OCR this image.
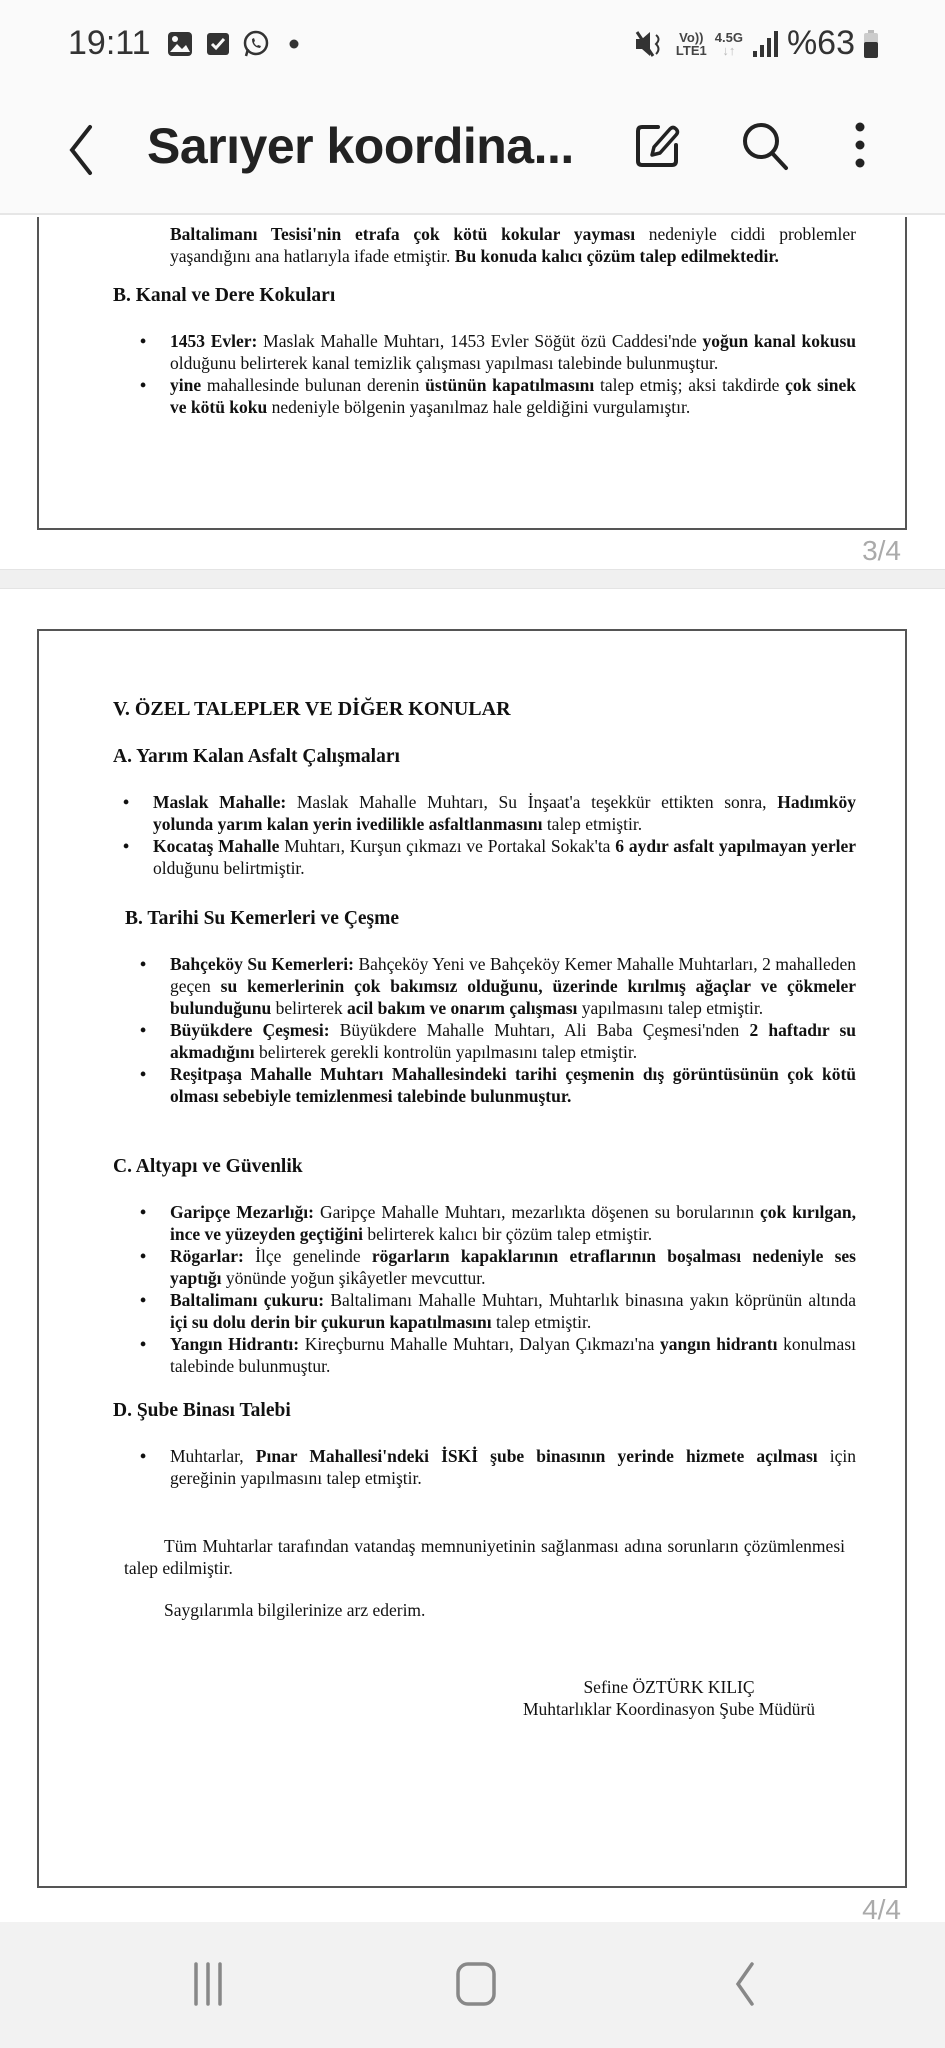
19:11	Vo))
LTE1
4.5G
↓↑ %63
Sarıyer koordina...

Baltalimanı Tesisi'nin etrafa çok kötü kokular yayması nedeniyle ciddi problemler yaşandığını ana hatlarıyla ifade etmiştir. Bu konuda kalıcı çözüm talep edilmektedir.

B. Kanal ve Dere Kokuları
• 1453 Evler: Maslak Mahalle Muhtarı, 1453 Evler Söğüt özü Caddesi'nde yoğun kanal kokusu olduğunu belirterek kanal temizlik çalışması yapılması talebinde bulunmuştur.
• yine mahallesinde bulunan derenin üstünün kapatılmasını talep etmiş; aksi takdirde çok sinek ve kötü koku nedeniyle bölgenin yaşanılmaz hale geldiğini vurgulamıştır.
3/4
V. ÖZEL TALEPLER VE DİĞER KONULAR
A. Yarım Kalan Asfalt Çalışmaları
• Maslak Mahalle: Maslak Mahalle Muhtarı, Su İnşaat'a teşekkür ettikten sonra, Hadımköy yolunda yarım kalan yerin ivedilikle asfaltlanmasını talep etmiştir.
• Kocataş Mahalle Muhtarı, Kurşun çıkmazı ve Portakal Sokak'ta 6 aydır asfalt yapılmayan yerler olduğunu belirtmiştir.
B. Tarihi Su Kemerleri ve Çeşme
• Bahçeköy Su Kemerleri: Bahçeköy Yeni ve Bahçeköy Kemer Mahalle Muhtarları, 2 mahalleden geçen su kemerlerinin çok bakımsız olduğunu, üzerinde kırılmış ağaçlar ve çökmeler bulunduğunu belirterek acil bakım ve onarım çalışması yapılmasını talep etmiştir.
• Büyükdere Çeşmesi: Büyükdere Mahalle Muhtarı, Ali Baba Çeşmesi'nden 2 haftadır su akmadığını belirterek gerekli kontrolün yapılmasını talep etmiştir.
• Reşitpaşa Mahalle Muhtarı Mahallesindeki tarihi çeşmenin dış görüntüsünün çok kötü olması sebebiyle temizlenmesi talebinde bulunmuştur.
C. Altyapı ve Güvenlik
• Garipçe Mezarlığı: Garipçe Mahalle Muhtarı, mezarlıkta döşenen su borularının çok kırılgan, ince ve yüzeyden geçtiğini belirterek kalıcı bir çözüm talep etmiştir.
• Rögarlar: İlçe genelinde rögarların kapaklarının etraflarının boşalması nedeniyle ses yaptığı yönünde yoğun şikâyetler mevcuttur.
• Baltalimanı çukuru: Baltalimanı Mahalle Muhtarı, Muhtarlık binasına yakın köprünün altında içi su dolu derin bir çukurun kapatılmasını talep etmiştir.
• Yangın Hidrantı: Kireçburnu Mahalle Muhtarı, Dalyan Çıkmazı'na yangın hidrantı konulması talebinde bulunmuştur.
D. Şube Binası Talebi
• Muhtarlar, Pınar Mahallesi'ndeki İSKİ şube binasının yerinde hizmete açılması için gereğinin yapılmasını talep etmiştir.

Tüm Muhtarlar tarafından vatandaş memnuniyetinin sağlanması adına sorunların çözümlenmesi talep edilmiştir.

Saygılarımla bilgilerinize arz ederim.

Sefine ÖZTÜRK KILIÇ
Muhtarlıklar Koordinasyon Şube Müdürü
4/4
